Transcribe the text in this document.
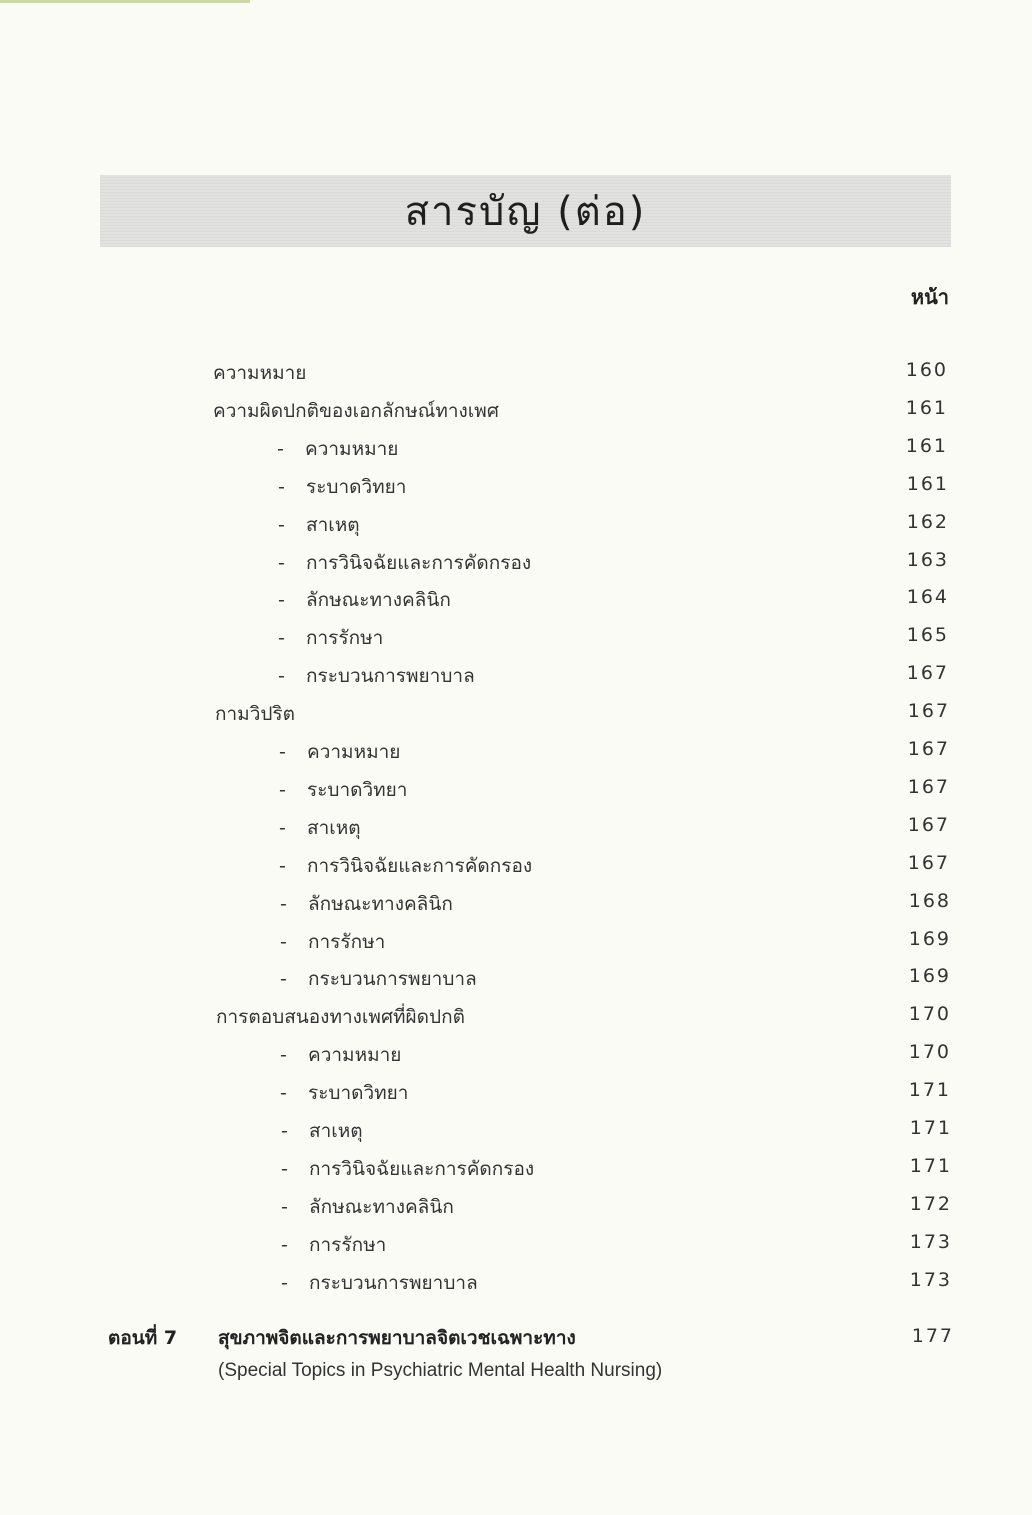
สารบัญ (ต่อ)
หน้า
ความหมาย	160
ความผิดปกติของเอกลักษณ์ทางเพศ	161
-	ความหมาย	161
-	ระบาดวิทยา	161
-	สาเหตุ	162
-	การวินิจฉัยและการคัดกรอง	163
-	ลักษณะทางคลินิก	164
-	การรักษา	165
-	กระบวนการพยาบาล	167
กามวิปริต	167
-	ความหมาย	167
-	ระบาดวิทยา	167
-	สาเหตุ	167
-	การวินิจฉัยและการคัดกรอง	167
-	ลักษณะทางคลินิก	168
-	การรักษา	169
-	กระบวนการพยาบาล	169
การตอบสนองทางเพศที่ผิดปกติ	170
-	ความหมาย	170
-	ระบาดวิทยา	171
-	สาเหตุ	171
-	การวินิจฉัยและการคัดกรอง	171
-	ลักษณะทางคลินิก	172
-	การรักษา	173
-	กระบวนการพยาบาล	173
ตอนที่ 7	สุขภาพจิตและการพยาบาลจิตเวชเฉพาะทาง	177
(Special Topics in Psychiatric Mental Health Nursing)
